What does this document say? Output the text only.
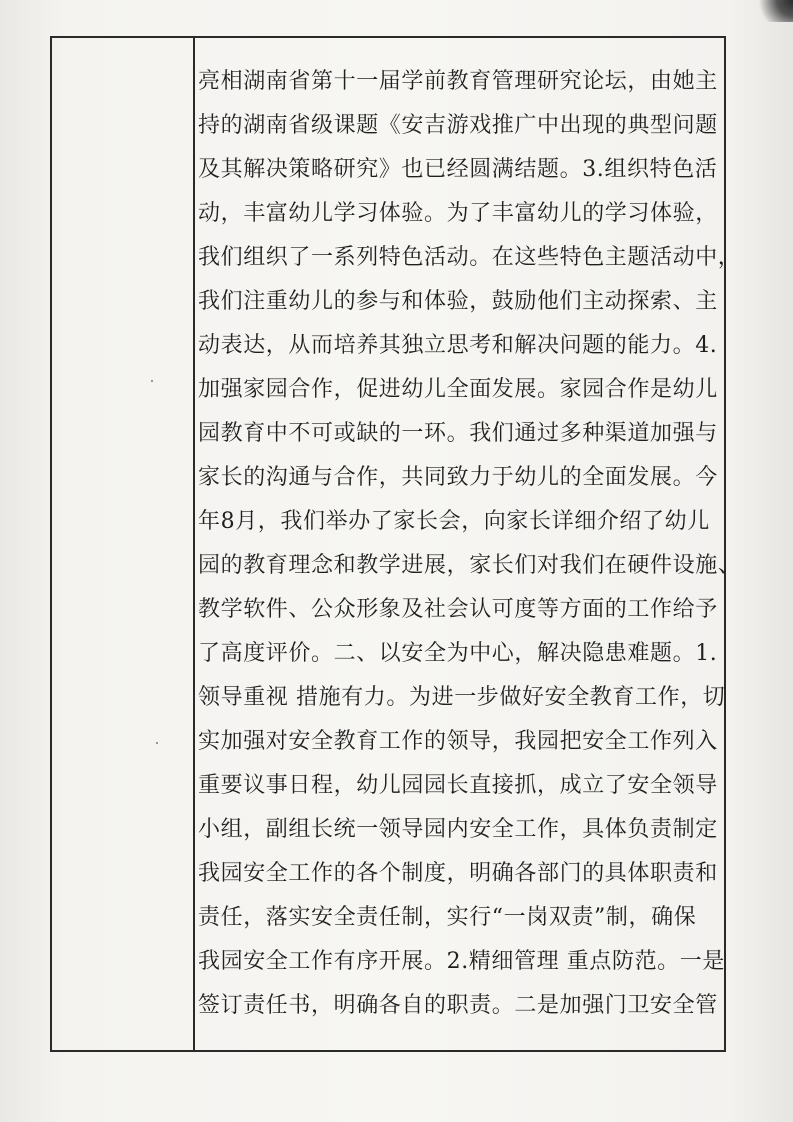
亮相湖南省第十一届学前教育管理研究论坛，由她主
持的湖南省级课题《安吉游戏推广中出现的典型问题
及其解决策略研究》也已经圆满结题。3.组织特色活
动，丰富幼儿学习体验。为了丰富幼儿的学习体验，
我们组织了一系列特色活动。在这些特色主题活动中，
我们注重幼儿的参与和体验，鼓励他们主动探索、主
动表达，从而培养其独立思考和解决问题的能力。4.
加强家园合作，促进幼儿全面发展。家园合作是幼儿
园教育中不可或缺的一环。我们通过多种渠道加强与
家长的沟通与合作，共同致力于幼儿的全面发展。今
年8月，我们举办了家长会，向家长详细介绍了幼儿
园的教育理念和教学进展，家长们对我们在硬件设施、
教学软件、公众形象及社会认可度等方面的工作给予
了高度评价。二、以安全为中心，解决隐患难题。1.
领导重视 措施有力。为进一步做好安全教育工作，切
实加强对安全教育工作的领导，我园把安全工作列入
重要议事日程，幼儿园园长直接抓，成立了安全领导
小组，副组长统一领导园内安全工作，具体负责制定
我园安全工作的各个制度，明确各部门的具体职责和
责任，落实安全责任制，实行“一岗双责”制，确保
我园安全工作有序开展。2.精细管理 重点防范。一是
签订责任书，明确各自的职责。二是加强门卫安全管
